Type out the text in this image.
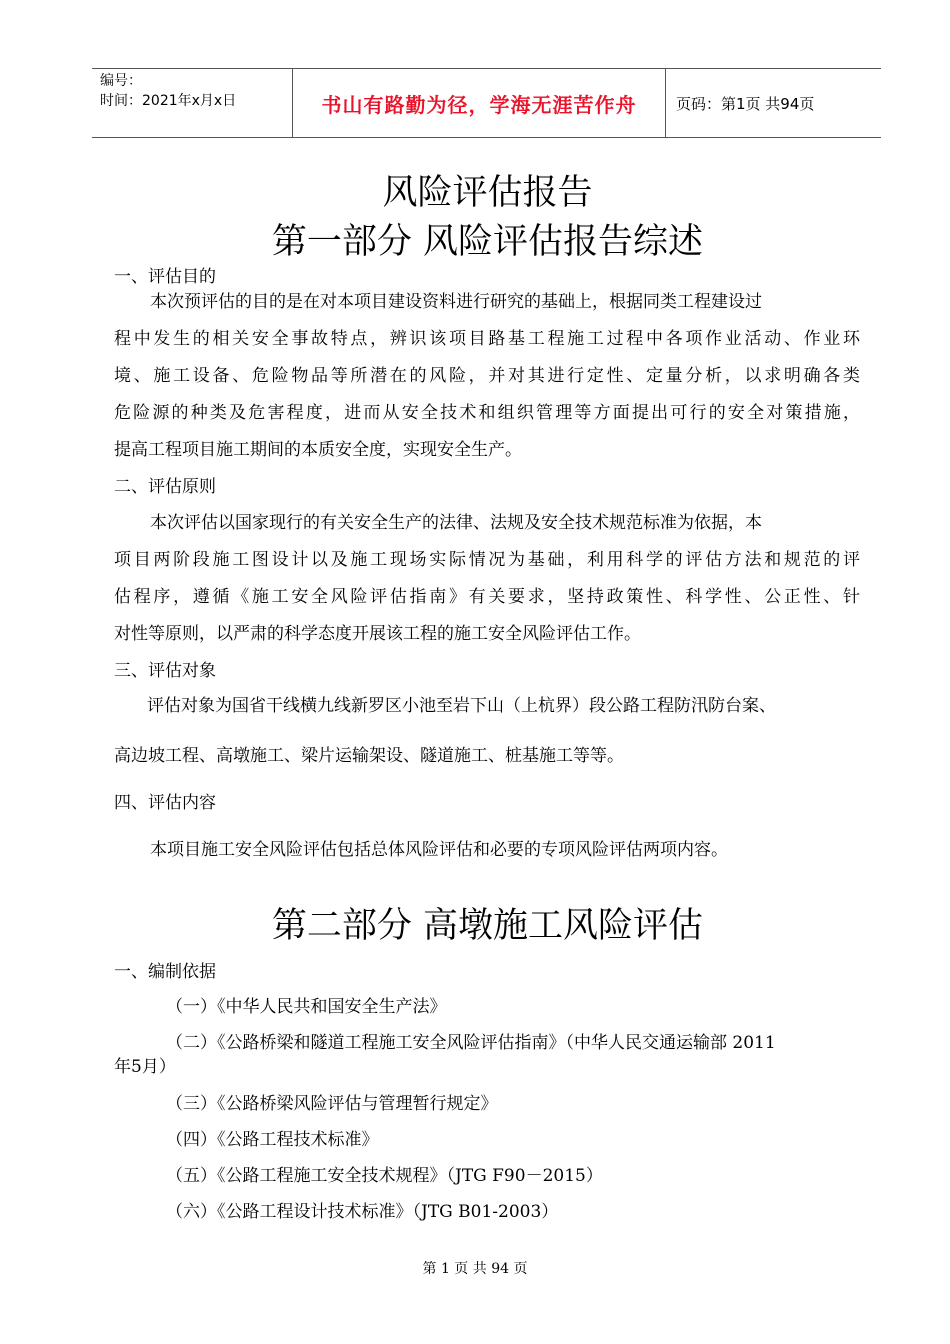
编号：
时间：2021年x月x日	书山有路勤为径，学海无涯苦作舟	页码：第1页 共94页
风险评估报告
第一部分 风险评估报告综述
一、评估目的
本次预评估的目的是在对本项目建设资料进行研究的基础上，根据同类工程建设过
程中发生的相关安全事故特点，辨识该项目路基工程施工过程中各项作业活动、作业环
境、施工设备、危险物品等所潜在的风险，并对其进行定性、定量分析，以求明确各类
危险源的种类及危害程度，进而从安全技术和组织管理等方面提出可行的安全对策措施，
提高工程项目施工期间的本质安全度，实现安全生产。
二、评估原则
本次评估以国家现行的有关安全生产的法律、法规及安全技术规范标准为依据，本
项目两阶段施工图设计以及施工现场实际情况为基础，利用科学的评估方法和规范的评
估程序，遵循《施工安全风险评估指南》有关要求，坚持政策性、科学性、公正性、针
对性等原则，以严肃的科学态度开展该工程的施工安全风险评估工作。
三、评估对象
评估对象为国省干线横九线新罗区小池至岩下山（上杭界）段公路工程防汛防台案、
高边坡工程、高墩施工、梁片运输架设、隧道施工、桩基施工等等。
四、评估内容
本项目施工安全风险评估包括总体风险评估和必要的专项风险评估两项内容。
第二部分 高墩施工风险评估
一、编制依据
（一）《中华人民共和国安全生产法》
（二）《公路桥梁和隧道工程施工安全风险评估指南》（中华人民交通运输部 2011
年5月）
（三）《公路桥梁风险评估与管理暂行规定》
（四）《公路工程技术标准》
（五）《公路工程施工安全技术规程》（JTG F90－2015）
（六）《公路工程设计技术标准》（JTG B01-2003）
第 1 页 共 94 页
